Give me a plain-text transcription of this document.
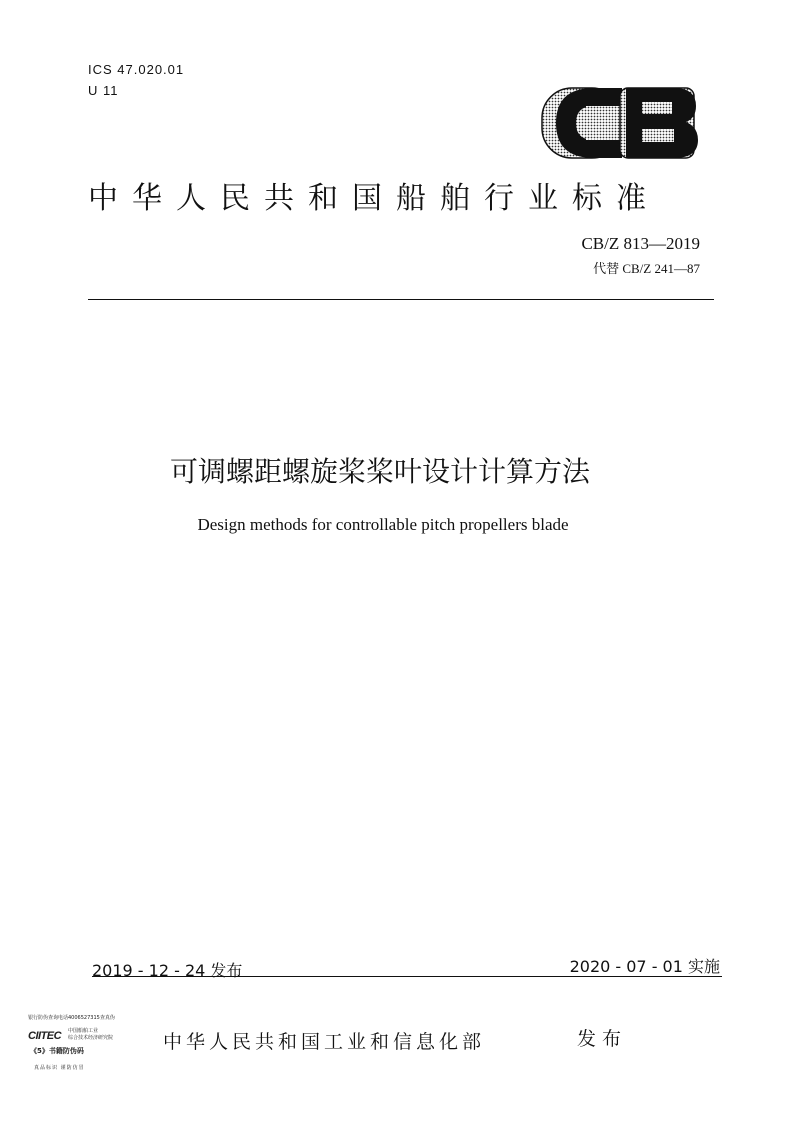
ICS 47.020.01
U 11
中华人民共和国船舶行业标准
CB/Z 813—2019
代替 CB/Z 241—87
可调螺距螺旋桨桨叶设计计算方法
Design methods for controllable pitch propellers blade
2019 - 12 - 24 发布	2020 - 07 - 01 实施
银行防伪查询电话4006527315查真伪
CIITEC 中国船舶工业
综合技术经济研究院
《5》书籍防伪码
真品标识 谨防仿冒
中华人民共和国工业和信息化部	发布
